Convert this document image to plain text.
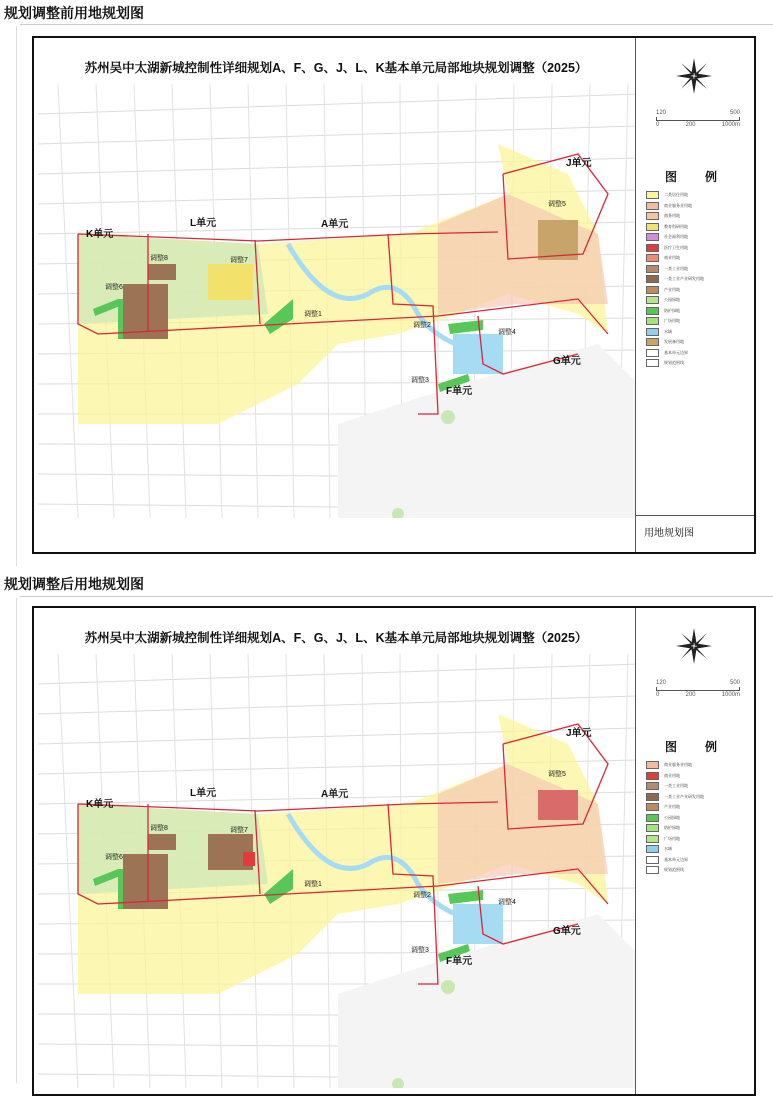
规划调整前用地规划图
苏州吴中太湖新城控制性详细规划A、F、G、J、L、K基本单元局部地块规划调整（2025）
K单元
L单元	A单元
J单元
G单元
F单元
调整1
调整2
调整3
调整4
调整5
调整6
调整7
调整8
120	500
0	200	1000m
图　例
二类居住用地
商业服务业用地
商务用地
教育科研用地
社会福利用地
医疗卫生用地
商业用地
一类工业用地
一类工业产业研发用地
产业用地
公园绿地
防护绿地
广场用地
水域
发展备用地
基本单元边界
规划范围线
用地规划图
规划调整后用地规划图
苏州吴中太湖新城控制性详细规划A、F、G、J、L、K基本单元局部地块规划调整（2025）
K单元
L单元	A单元
J单元
G单元
F单元
调整1
调整2
调整3
调整4
调整5
调整6
调整7
调整8
120	500
0	200	1000m
图　例
商业服务业用地
商业用地
一类工业用地
一类工业产业研发用地
产业用地
公园绿地
防护绿地
广场用地
水域
基本单元边界
规划范围线
